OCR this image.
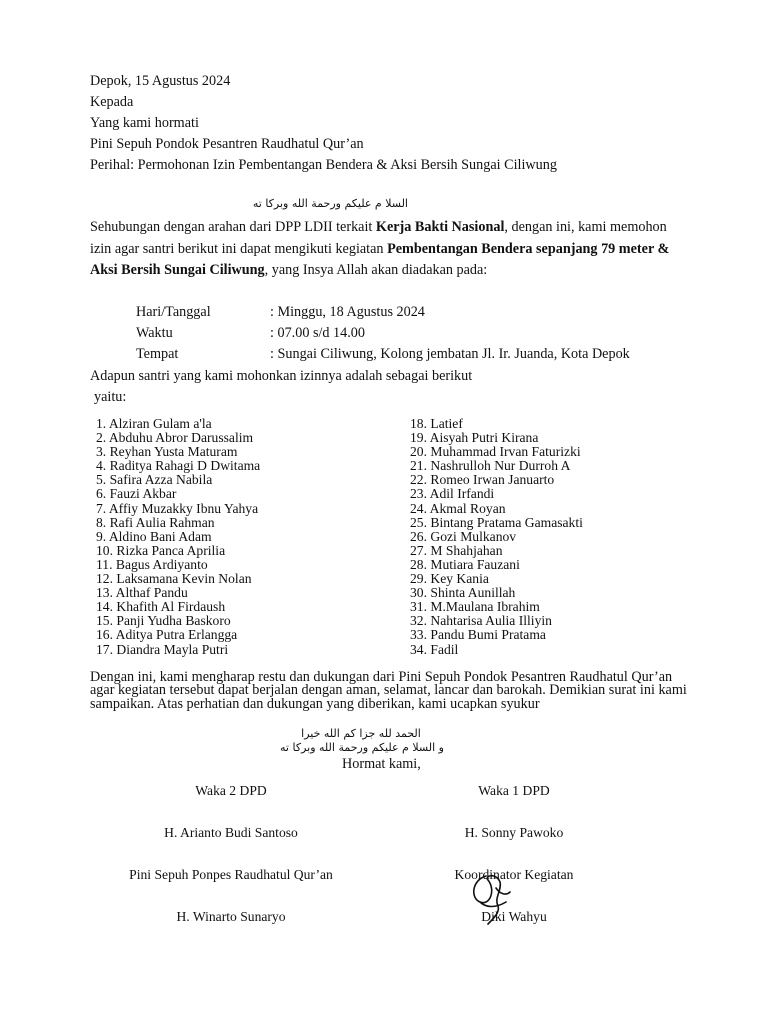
Depok, 15 Agustus 2024
Kepada
Yang kami hormati
Pini Sepuh Pondok Pesantren Raudhatul Qur’an
Perihal: Permohonan Izin Pembentangan Bendera & Aksi Bersih Sungai Ciliwung
السلا م عليكم ورحمة الله وبركا ته
Sehubungan dengan arahan dari DPP LDII terkait Kerja Bakti Nasional, dengan ini, kami memohon izin agar santri berikut ini dapat mengikuti kegiatan Pembentangan Bendera sepanjang 79 meter & Aksi Bersih Sungai Ciliwung, yang Insya Allah akan diadakan pada:
Hari/Tanggal	: Minggu, 18 Agustus 2024
Waktu	: 07.00 s/d 14.00
Tempat	: Sungai Ciliwung, Kolong jembatan Jl. Ir. Juanda, Kota Depok
Adapun santri yang kami mohonkan izinnya adalah sebagai berikut
yaitu:
1. Alziran Gulam a'la
2. Abduhu Abror Darussalim
3. Reyhan Yusta Maturam
4. Raditya Rahagi D Dwitama
5. Safira Azza Nabila
6. Fauzi Akbar
7. Affiy Muzakky Ibnu Yahya
8. Rafi Aulia Rahman
9. Aldino Bani Adam
10. Rizka Panca Aprilia
11. Bagus Ardiyanto
12. Laksamana Kevin Nolan
13. Althaf Pandu
14. Khafith Al Firdaush
15. Panji Yudha Baskoro
16. Aditya Putra Erlangga
17. Diandra Mayla Putri
18. Latief
19. Aisyah Putri Kirana
20. Muhammad Irvan Faturizki
21. Nashrulloh Nur Durroh A
22. Romeo Irwan Januarto
23. Adil Irfandi
24. Akmal Royan
25. Bintang Pratama Gamasakti
26. Gozi Mulkanov
27. M Shahjahan
28. Mutiara Fauzani
29. Key Kania
30. Shinta Aunillah
31. M.Maulana Ibrahim
32. Nahtarisa Aulia Illiyin
33. Pandu Bumi Pratama
34. Fadil
Dengan ini, kami mengharap restu dan dukungan dari Pini Sepuh Pondok Pesantren Raudhatul Qur’an agar kegiatan tersebut dapat berjalan dengan aman, selamat, lancar dan barokah. Demikian surat ini kami sampaikan. Atas perhatian dan dukungan yang diberikan, kami ucapkan syukur
الحمد لله جزا كم الله خيرا
و السلا م عليكم ورحمة الله وبركا ته
Hormat kami,
Waka 2 DPD	Waka 1 DPD
H. Arianto Budi Santoso	H. Sonny Pawoko
Pini Sepuh Ponpes Raudhatul Qur’an	Koordinator Kegiatan
H. Winarto Sunaryo	Diki Wahyu
